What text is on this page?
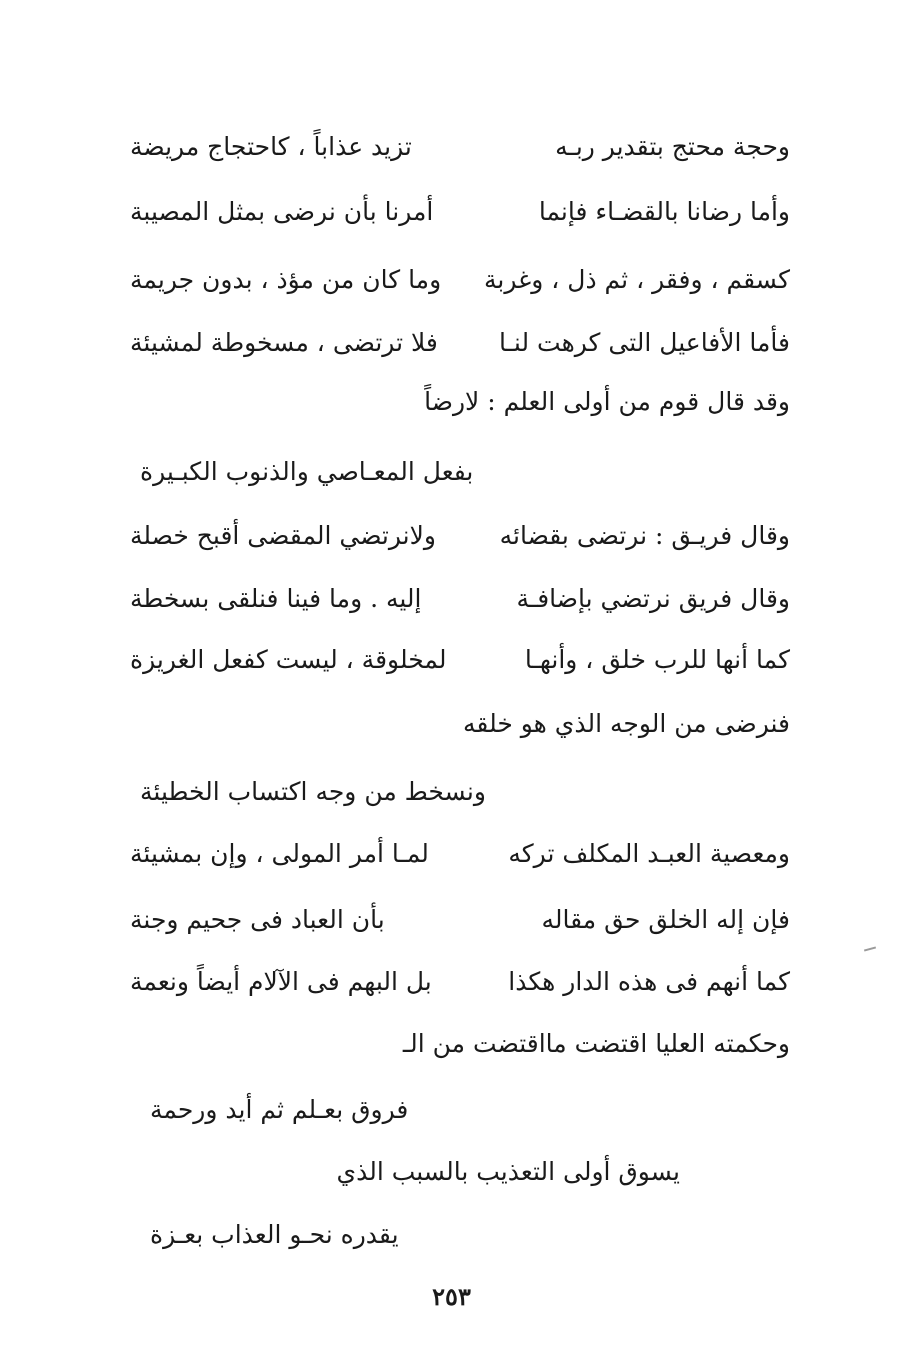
وحجة محتج بتقدير ربـه
تزيد عذاباً ، كاحتجاج مريضة
وأما رضانا بالقضـاء فإنما
أمرنا بأن نرضى بمثل المصيبة
كسقم ، وفقر ، ثم ذل ، وغربة
وما كان من مؤذ ، بدون جريمة
فأما الأفاعيل التى كرهت لنـا
فلا ترتضى ، مسخوطة لمشيئة
وقد قال قوم من أولى العلم : لارضاً
بفعل المعـاصي والذنوب الكبـيرة
وقال فريـق : نرتضى بقضائه
ولانرتضي المقضى أقبح خصلة
وقال فريق نرتضي بإضافـة
إليه . وما فينا فنلقى بسخطة
كما أنها للرب خلق ، وأنهـا
لمخلوقة ، ليست كفعل الغريزة
فنرضى من الوجه الذي هو خلقه
ونسخط من وجه اكتساب الخطيئة
ومعصية العبـد المكلف تركه
لمـا أمر المولى ، وإن بمشيئة
فإن إله الخلق حق مقاله
بأن العباد فى جحيم وجنة
كما أنهم فى هذه الدار هكذا
بل البهم فى الآلام أيضاً ونعمة
وحكمته العليا اقتضت مااقتضت من الـ
فروق بعـلم ثم أيد ورحمة
يسوق أولى التعذيب بالسبب الذي
يقدره نحـو العذاب بعـزة
٢٥٣
